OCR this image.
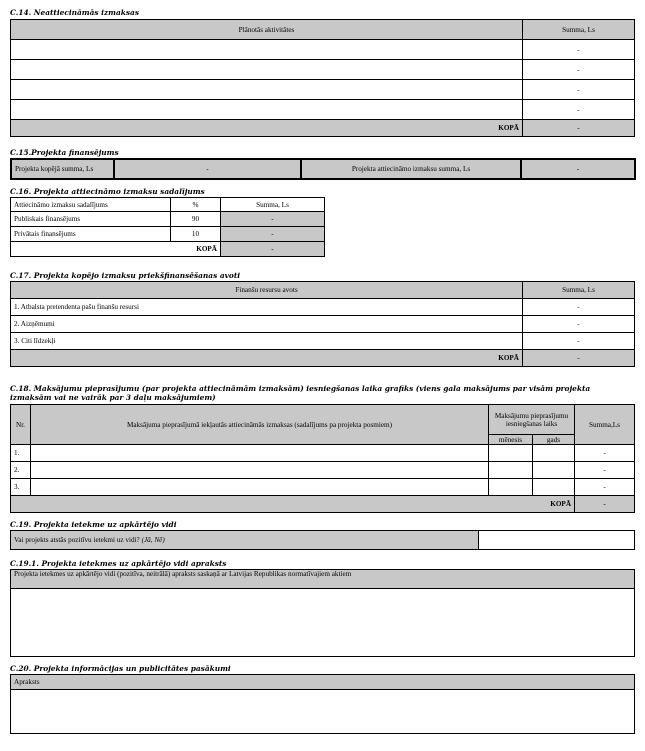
C.14. Neattiecināmās izmaksas
Plānotās aktivitātes	Summa, Ls
	-
	-
	-
	-
KOPĀ	-
C.15.Projekta finansējums
Projekta kopējā summa, Ls	-	Projekta attiecināmo izmaksu summa, Ls	-
C.16. Projekta attiecināmo izmaksu sadalījums
Attiecināmo izmaksu sadalījums	%	Summa, Ls
Publiskais finansējums	90	-
Privātais finansējums	10	-
KOPĀ		-
C.17. Projekta kopējo izmaksu priekšfinansēšanas avoti
Finanšu resursu avots	Summa, Ls
1. Atbalsta pretendenta pašu finanšu resursi	-
2. Aizņēmumi	-
3. Citi līdzekļi	-
KOPĀ	-
C.18. Maksājumu pieprasījumu (par projekta attiecināmām izmaksām) iesniegšanas laika grafiks (viens gala maksājums par visām projekta izmaksām vai ne vairāk par 3 daļu maksājumiem)
Nr.	Maksājuma pieprasījumā iekļautās attiecināmās izmaksas (sadalījums pa projekta posmiem)	Maksājumu pieprasījumu iesniegšanas laiks		Summa,Ls
		mēnesis	gads	
1.				-
2.				-
3.				-
KOPĀ				-
C.19. Projekta ietekme uz apkārtējo vidi
Vai projekts atstās pozitīvu ietekmi uz vidi? (Jā, Nē)	
C.19.1. Projekta ietekmes uz apkārtējo vidi apraksts
Projekta ietekmes uz apkārtējo vidi (pozitīva, neitrālā) apraksts saskaņā ar Latvijas Republikas normatīvajiem aktiem

C.20. Projekta informācijas un publicitātes pasākumi
Apraksts
